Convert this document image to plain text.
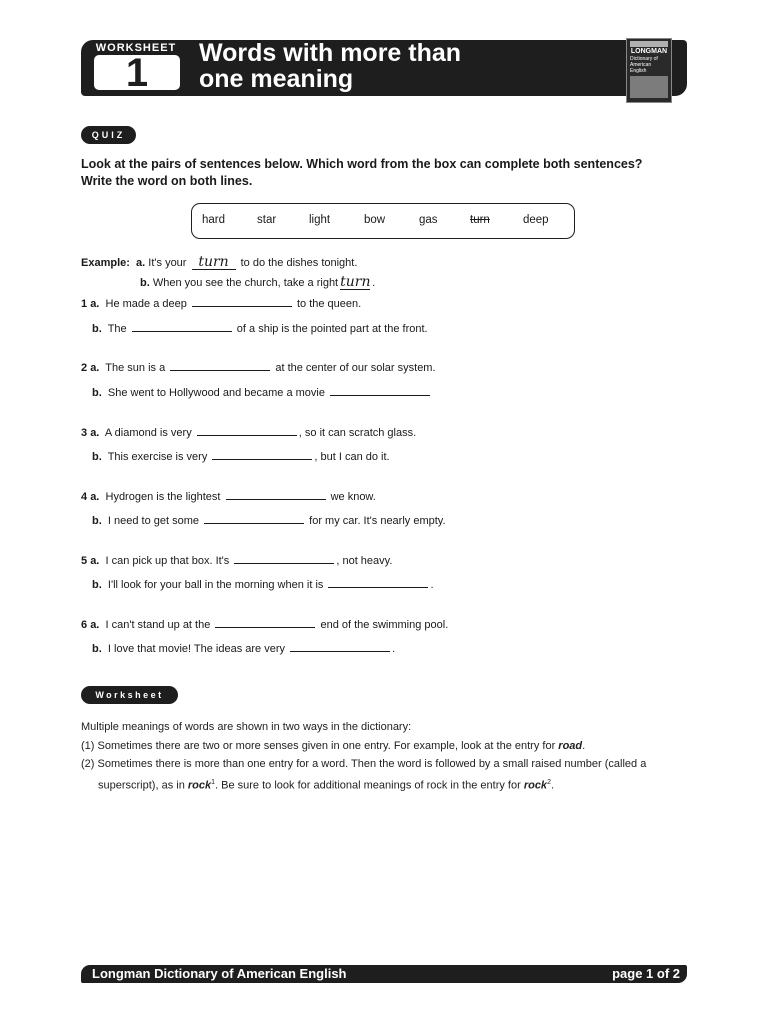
WORKSHEET
1	Words with more than
one meaning
LONGMAN
Dictionary of American English
QUIZ
Look at the pairs of sentences below. Which word from the box can complete both sentences?
Write the word on both lines.
hard	star	light	bow	gas	turn	deep
Example: a. It's your turn to do the dishes tonight.
b. When you see the church, take a right turn .
1 a. He made a deep	to the queen.
b. The	of a ship is the pointed part at the front.
2 a. The sun is a	at the center of our solar system.
b. She went to Hollywood and became a movie
3 a. A diamond is very	, so it can scratch glass.
b. This exercise is very	, but I can do it.
4 a. Hydrogen is the lightest	we know.
b. I need to get some	for my car. It's nearly empty.
5 a. I can pick up that box. It's	, not heavy.
b. I'll look for your ball in the morning when it is	.
6 a. I can't stand up at the	end of the swimming pool.
b. I love that movie! The ideas are very	.
Worksheet
Multiple meanings of words are shown in two ways in the dictionary:
(1) Sometimes there are two or more senses given in one entry. For example, look at the entry for road.
(2) Sometimes there is more than one entry for a word. Then the word is followed by a small raised number (called a
superscript), as in rock$^1$. Be sure to look for additional meanings of rock in the entry for rock$^2$.
Longman Dictionary of American English	page 1 of 2
